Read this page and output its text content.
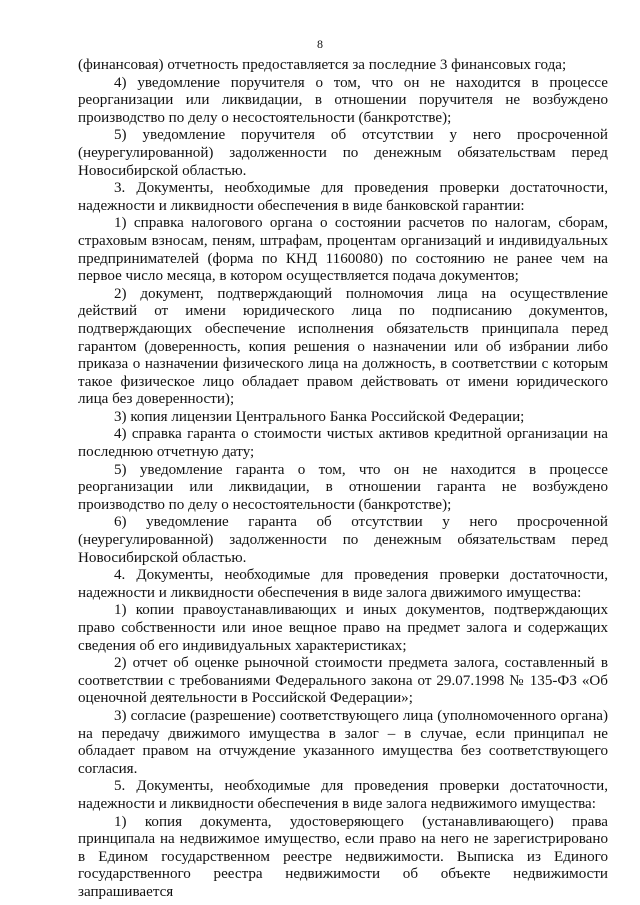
8

(финансовая) отчетность предоставляется за последние 3 финансовых года;

4) уведомление поручителя о том, что он не находится в процессе реорганизации или ликвидации, в отношении поручителя не возбуждено производство по делу о несостоятельности (банкротстве);

5) уведомление поручителя об отсутствии у него просроченной (неурегулированной) задолженности по денежным обязательствам перед Новосибирской областью.

3. Документы, необходимые для проведения проверки достаточности, надежности и ликвидности обеспечения в виде банковской гарантии:

1) справка налогового органа о состоянии расчетов по налогам, сборам, страховым взносам, пеням, штрафам, процентам организаций и индивидуальных предпринимателей (форма по КНД 1160080) по состоянию не ранее чем на первое число месяца, в котором осуществляется подача документов;

2) документ, подтверждающий полномочия лица на осуществление действий от имени юридического лица по подписанию документов, подтверждающих обеспечение исполнения обязательств принципала перед гарантом (доверенность, копия решения о назначении или об избрании либо приказа о назначении физического лица на должность, в соответствии с которым такое физическое лицо обладает правом действовать от имени юридического лица без доверенности);

3) копия лицензии Центрального Банка Российской Федерации;

4) справка гаранта о стоимости чистых активов кредитной организации на последнюю отчетную дату;

5) уведомление гаранта о том, что он не находится в процессе реорганизации или ликвидации, в отношении гаранта не возбуждено производство по делу о несостоятельности (банкротстве);

6) уведомление гаранта об отсутствии у него просроченной (неурегулированной) задолженности по денежным обязательствам перед Новосибирской областью.

4. Документы, необходимые для проведения проверки достаточности, надежности и ликвидности обеспечения в виде залога движимого имущества:

1) копии правоустанавливающих и иных документов, подтверждающих право собственности или иное вещное право на предмет залога и содержащих сведения об его индивидуальных характеристиках;

2) отчет об оценке рыночной стоимости предмета залога, составленный в соответствии с требованиями Федерального закона от 29.07.1998 № 135-ФЗ «Об оценочной деятельности в Российской Федерации»;

3) согласие (разрешение) соответствующего лица (уполномоченного органа) на передачу движимого имущества в залог – в случае, если принципал не обладает правом на отчуждение указанного имущества без соответствующего согласия.

5. Документы, необходимые для проведения проверки достаточности, надежности и ликвидности обеспечения в виде залога недвижимого имущества:

1) копия документа, удостоверяющего (устанавливающего) права принципала на недвижимое имущество, если право на него не зарегистрировано в Едином государственном реестре недвижимости. Выписка из Единого государственного реестра недвижимости об объекте недвижимости запрашивается
